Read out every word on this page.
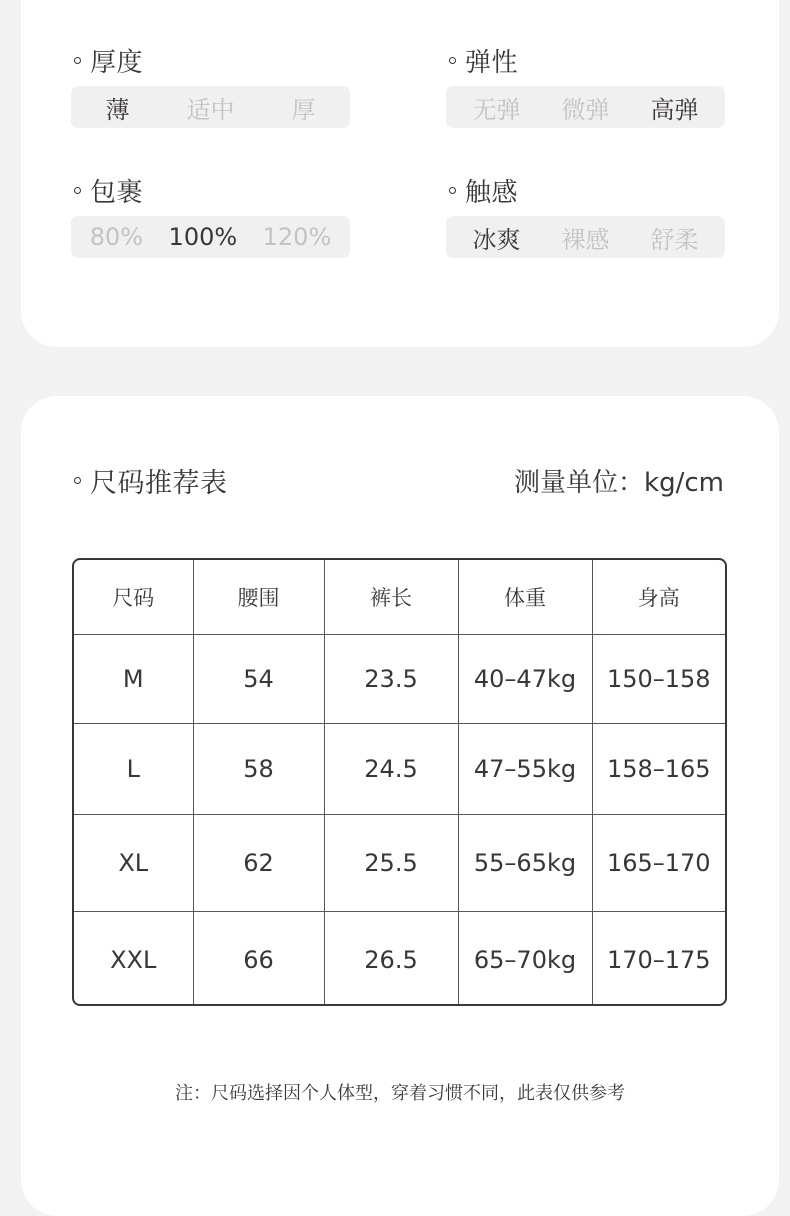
厚度
薄 适中 厚
弹性
无弹 微弹 高弹
包裹
80% 100% 120%
触感
冰爽 裸感 舒柔
尺码推荐表	测量单位：kg/cm
尺码	腰围	裤长	体重	身高
M	54	23.5	40–47kg	150–158
L	58	24.5	47–55kg	158–165
XL	62	25.5	55–65kg	165–170
XXL	66	26.5	65–70kg	170–175
注：尺码选择因个人体型，穿着习惯不同，此表仅供参考
